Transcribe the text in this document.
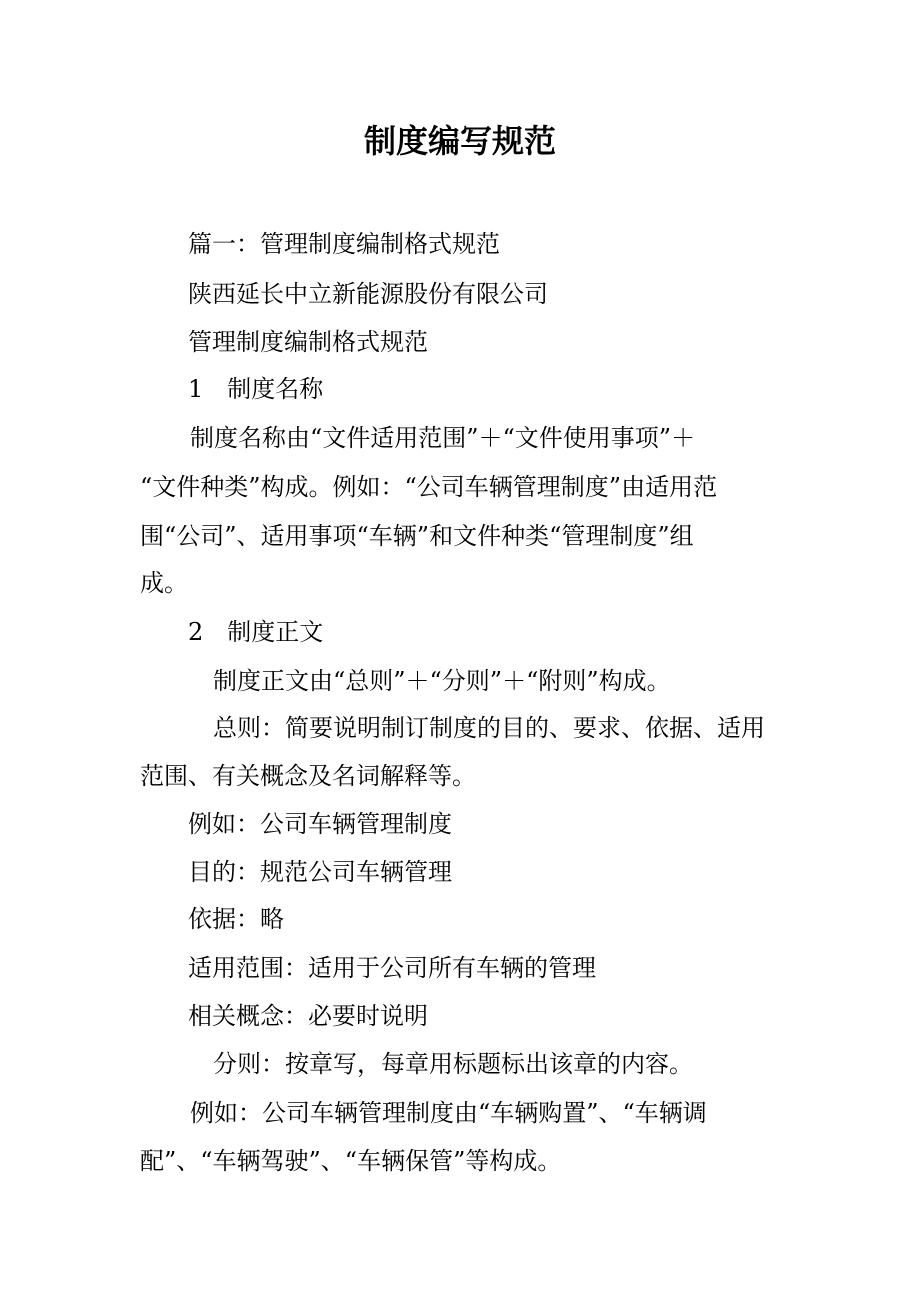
制度编写规范
篇一：管理制度编制格式规范
陕西延长中立新能源股份有限公司
管理制度编制格式规范
1　制度名称
制度名称由“文件适用范围”＋“文件使用事项”＋
“文件种类”构成。例如：“公司车辆管理制度”由适用范
围“公司”、适用事项“车辆”和文件种类“管理制度”组
成。
2　制度正文
制度正文由“总则”＋“分则”＋“附则”构成。
总则：简要说明制订制度的目的、要求、依据、适用
范围、有关概念及名词解释等。
例如：公司车辆管理制度
目的：规范公司车辆管理
依据：略
适用范围：适用于公司所有车辆的管理
相关概念：必要时说明
分则：按章写，每章用标题标出该章的内容。
例如：公司车辆管理制度由“车辆购置”、“车辆调
配”、“车辆驾驶”、“车辆保管”等构成。
